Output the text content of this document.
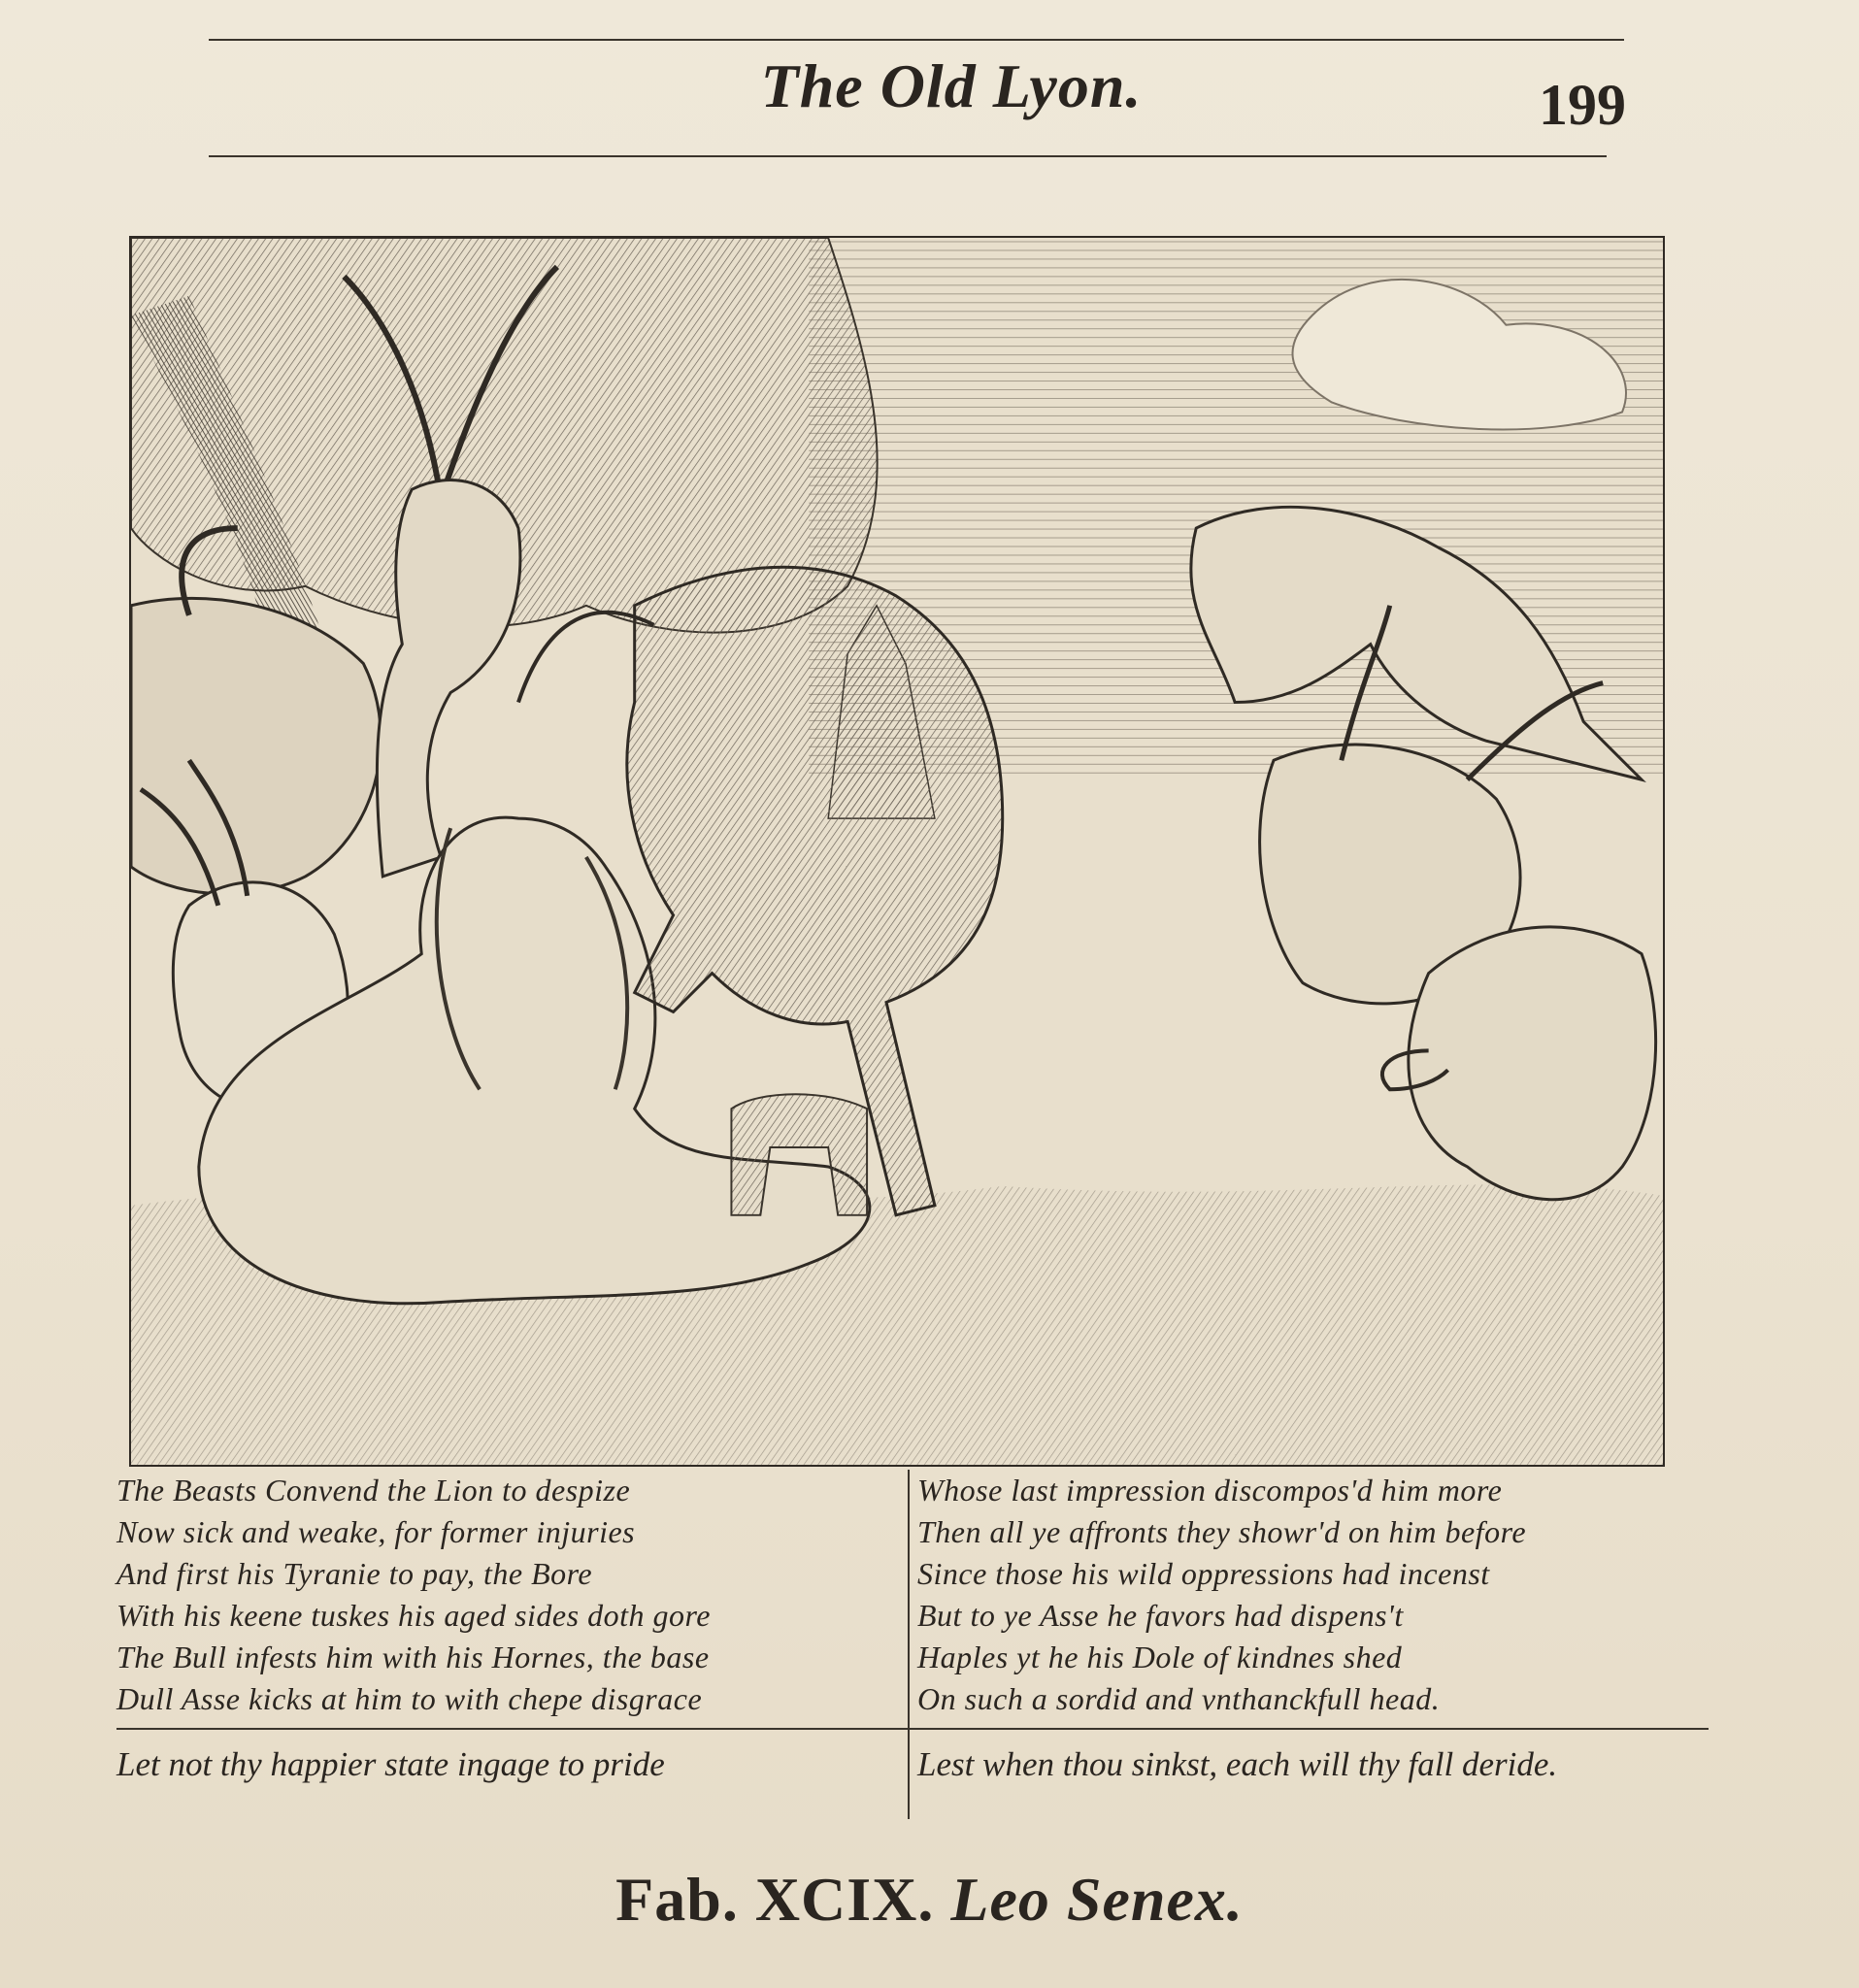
The Old Lyon.	199
The Beasts Convend the Lion to despize
Now sick and weake, for former injuries
And first his Tyranie to pay, the Bore
With his keene tuskes his aged sides doth gore
The Bull infests him with his Hornes, the base
Dull Asse kicks at him to with chepe disgrace
Whose last impression discompos'd him more
Then all ye affronts they showr'd on him before
Since those his wild oppressions had incenst
But to ye Asse he favors had dispens't
Haples yt he his Dole of kindnes shed
On such a sordid and vnthanckfull head.
Let not thy happier state ingage to pride	Lest when thou sinkst, each will thy fall deride.
Fab. XCIX. Leo Senex.
